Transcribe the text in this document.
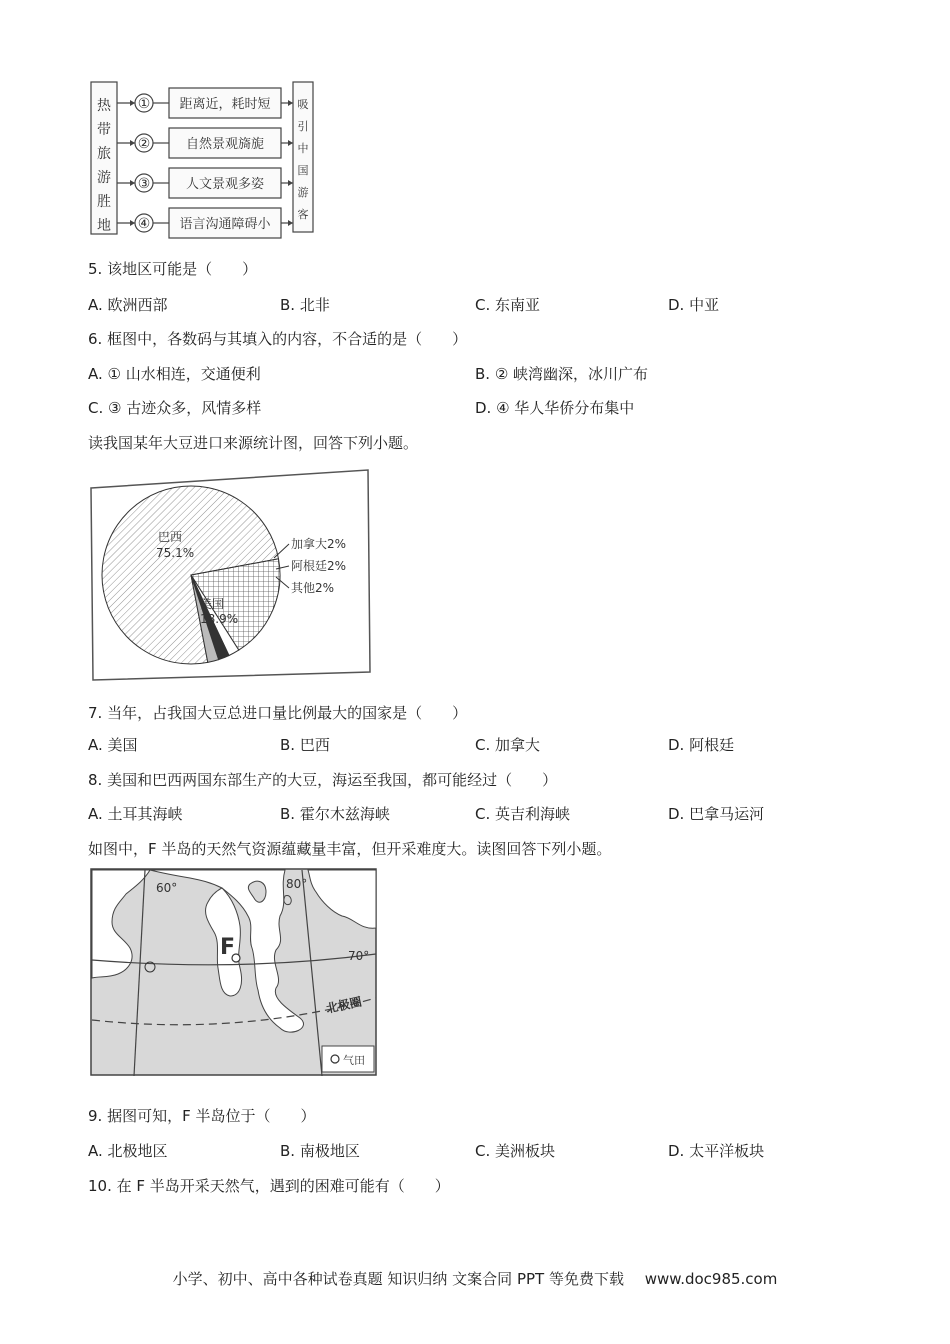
热带旅游胜地
吸引中国游客
①
②
③
④
距离近，耗时短
自然景观旖旎
人文景观多姿
语言沟通障碍小
5. 该地区可能是（　　）
A. 欧洲西部	B. 北非	C. 东南亚	D. 中亚
6. 框图中，各数码与其填入的内容，不合适的是（　　）
A. ① 山水相连，交通便利	B. ② 峡湾幽深，冰川广布
C. ③ 古迹众多，风情多样	D. ④ 华人华侨分布集中
读我国某年大豆进口来源统计图，回答下列小题。
巴西
75.1%
美国
18.9%
加拿大2%
阿根廷2%
其他2%
7. 当年，占我国大豆总进口量比例最大的国家是（　　）
A. 美国	B. 巴西	C. 加拿大	D. 阿根廷
8. 美国和巴西两国东部生产的大豆，海运至我国，都可能经过（　　）
A. 土耳其海峡	B. 霍尔木兹海峡	C. 英吉利海峡	D. 巴拿马运河
如图中，F 半岛的天然气资源蕴藏量丰富，但开采难度大。读图回答下列小题。
60°	80°
70°
F
北极圈
气田
9. 据图可知，F 半岛位于（　　）
A. 北极地区	B. 南极地区	C. 美洲板块	D. 太平洋板块
10. 在 F 半岛开采天然气，遇到的困难可能有（　　）
小学、初中、高中各种试卷真题 知识归纳 文案合同 PPT 等免费下载 www.doc985.com
